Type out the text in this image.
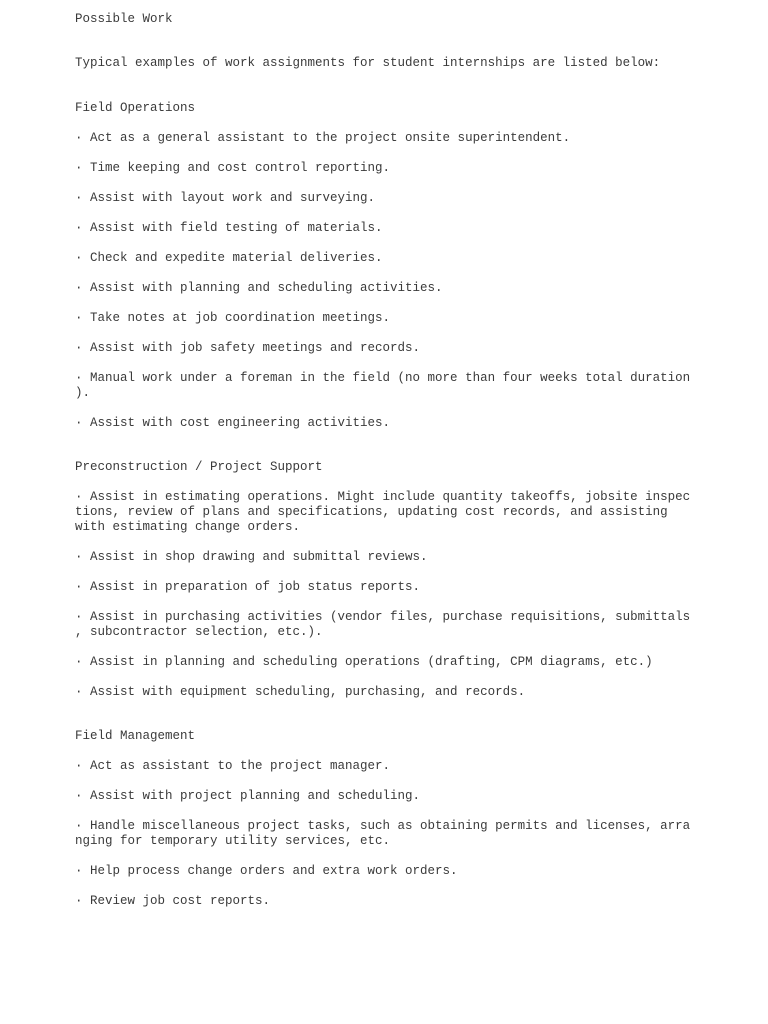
Possible Work

Typical examples of work assignments for student internships are listed below:

Field Operations

· Act as a general assistant to the project onsite superintendent.

· Time keeping and cost control reporting.

· Assist with layout work and surveying.

· Assist with field testing of materials.

· Check and expedite material deliveries.

· Assist with planning and scheduling activities.

· Take notes at job coordination meetings.

· Assist with job safety meetings and records.

· Manual work under a foreman in the field (no more than four weeks total duration

).

· Assist with cost engineering activities.

Preconstruction / Project Support

· Assist in estimating operations. Might include quantity takeoffs, jobsite inspec

tions, review of plans and specifications, updating cost records, and assisting

with estimating change orders.

· Assist in shop drawing and submittal reviews.

· Assist in preparation of job status reports.

· Assist in purchasing activities (vendor files, purchase requisitions, submittals

, subcontractor selection, etc.).

· Assist in planning and scheduling operations (drafting, CPM diagrams, etc.)

· Assist with equipment scheduling, purchasing, and records.

Field Management

· Act as assistant to the project manager.

· Assist with project planning and scheduling.

· Handle miscellaneous project tasks, such as obtaining permits and licenses, arra

nging for temporary utility services, etc.

· Help process change orders and extra work orders.

· Review job cost reports.
